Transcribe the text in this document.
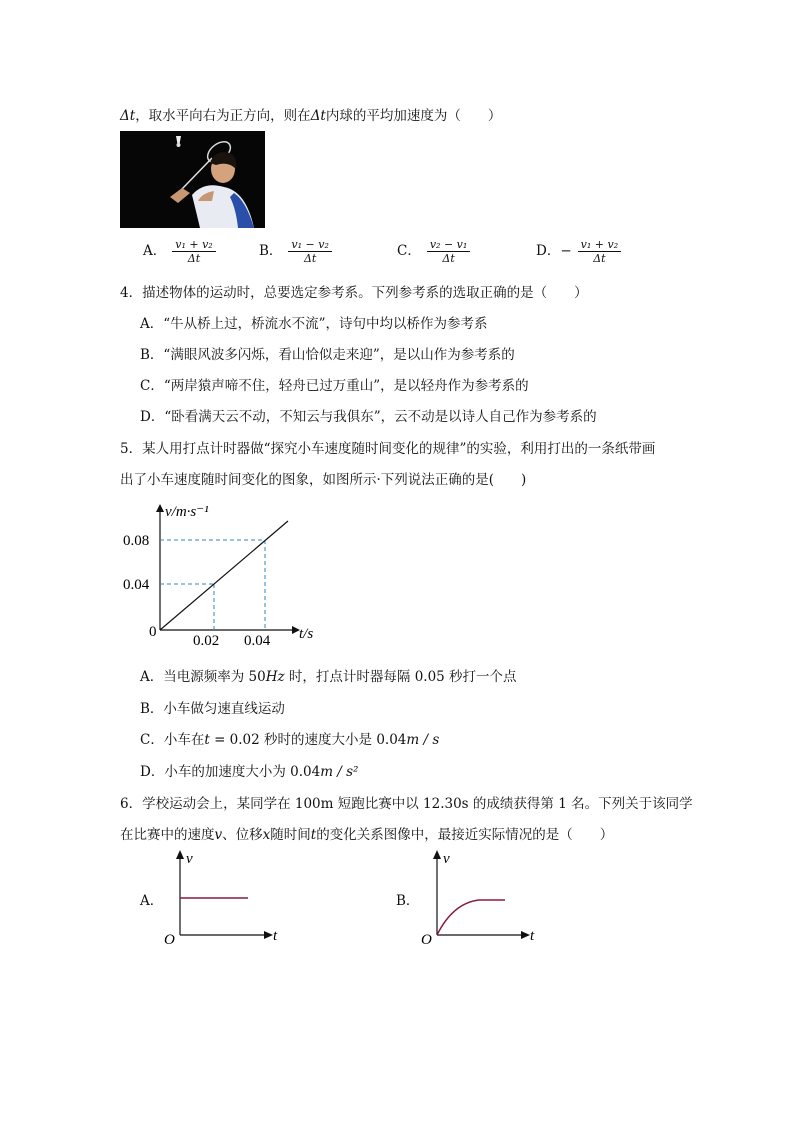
Δt，取水平向右为正方向，则在Δt内球的平均加速度为（　　）
A． $\frac{\text{v₁ + v₂}}{\Delta t}$	B． $\frac{\text{v₁ − v₂}}{\Delta t}$	C． $\frac{\text{v₂ − v₁}}{\Delta t}$	D．− $\frac{\text{v₁ + v₂}}{\Delta t}$
4．描述物体的运动时，总要选定参考系。下列参考系的选取正确的是（　　）
A．“牛从桥上过，桥流水不流”，诗句中均以桥作为参考系
B．“满眼风波多闪烁，看山恰似走来迎”，是以山作为参考系的
C．“两岸猿声啼不住，轻舟已过万重山”，是以轻舟作为参考系的
D．“卧看满天云不动，不知云与我俱东”，云不动是以诗人自己作为参考系的
5．某人用打点计时器做“探究小车速度随时间变化的规律”的实验，利用打出的一条纸带画
出了小车速度随时间变化的图象，如图所示·下列说法正确的是(　　)
v/m·s⁻¹
0.08
0.04
0
0.02 0.04 t/s
A．当电源频率为 50Hz 时，打点计时器每隔 0.05 秒打一个点
B．小车做匀速直线运动
C．小车在t = 0.02 秒时的速度大小是 0.04m / s
D．小车的加速度大小为 0.04m / s²
6．学校运动会上，某同学在 100m 短跑比赛中以 12.30s 的成绩获得第 1 名。下列关于该同学
在比赛中的速度v、位移x随时间t的变化关系图像中，最接近实际情况的是（　　）
A．
v
t
O
B．
v
t
O
